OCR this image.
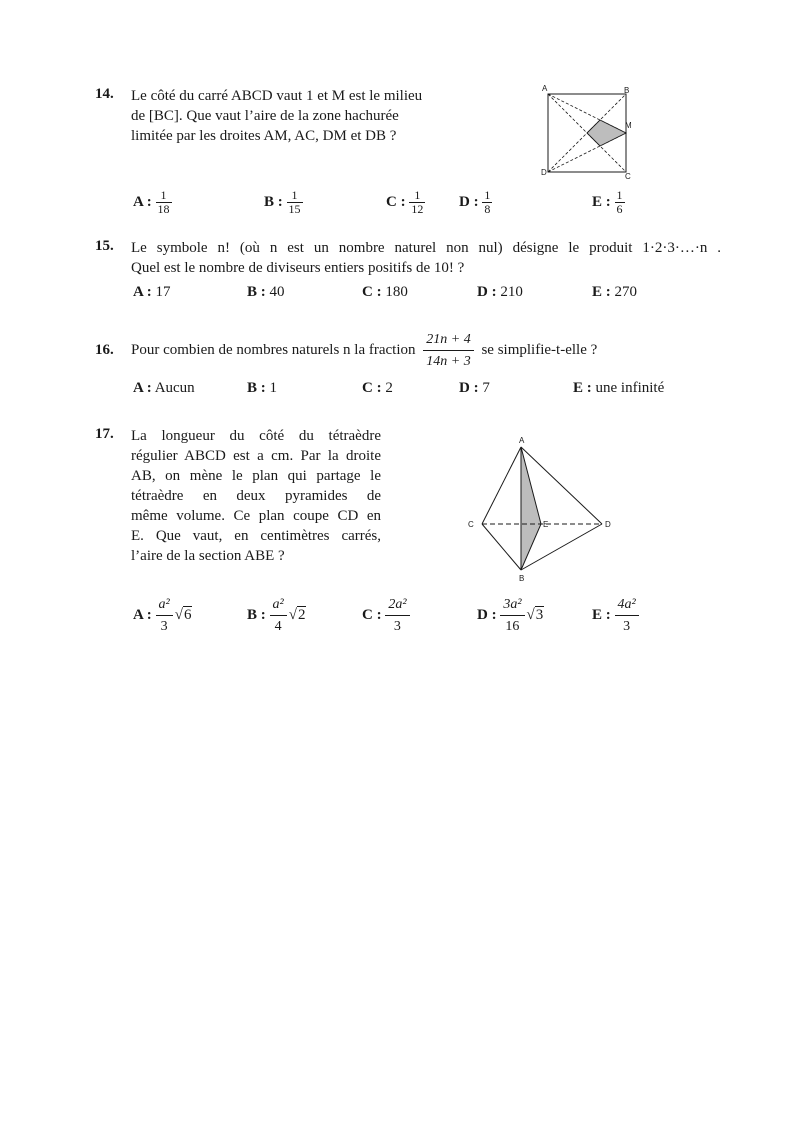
14. Le côté du carré ABCD vaut 1 et M est le milieu
de [BC]. Que vaut l’aire de la zone hachurée
limitée par les droites AM, AC, DM et DB ?
A	B
M
D	C
A : $\frac{1}{18}$	B : $\frac{1}{15}$	C : $\frac{1}{12}$ D : $\frac{1}{8}$	E : $\frac{1}{6}$
15. Le symbole n! (où n est un nombre naturel non nul) désigne le produit 1·2·3·…·n .
Quel est le nombre de diviseurs entiers positifs de 10! ?
A : 17	B : 40	C : 180	D : 210	E : 270
16. Pour combien de nombres naturels n la fraction $\frac{21n + 4}{14n + 3}$ se simplifie-t-elle ?
A : Aucun	B : 1	C : 2	D : 7	E : une infinité
17. La longueur du côté du tétraèdre
régulier ABCD est a cm. Par la droite
AB, on mène le plan qui partage le
tétraèdre en deux pyramides de
même volume. Ce plan coupe CD en
E. Que vaut, en centimètres carrés,
l’aire de la section ABE ?
A
C	E	D
B
A : $\frac{\text{a²}}{3} √6$	B : $\frac{\text{a²}}{4} √2$	C : $\frac{\text{2a²}}{3}$	D : $\frac{\text{3a²}}{16} √3$	E : $\frac{\text{4a²}}{3}$
